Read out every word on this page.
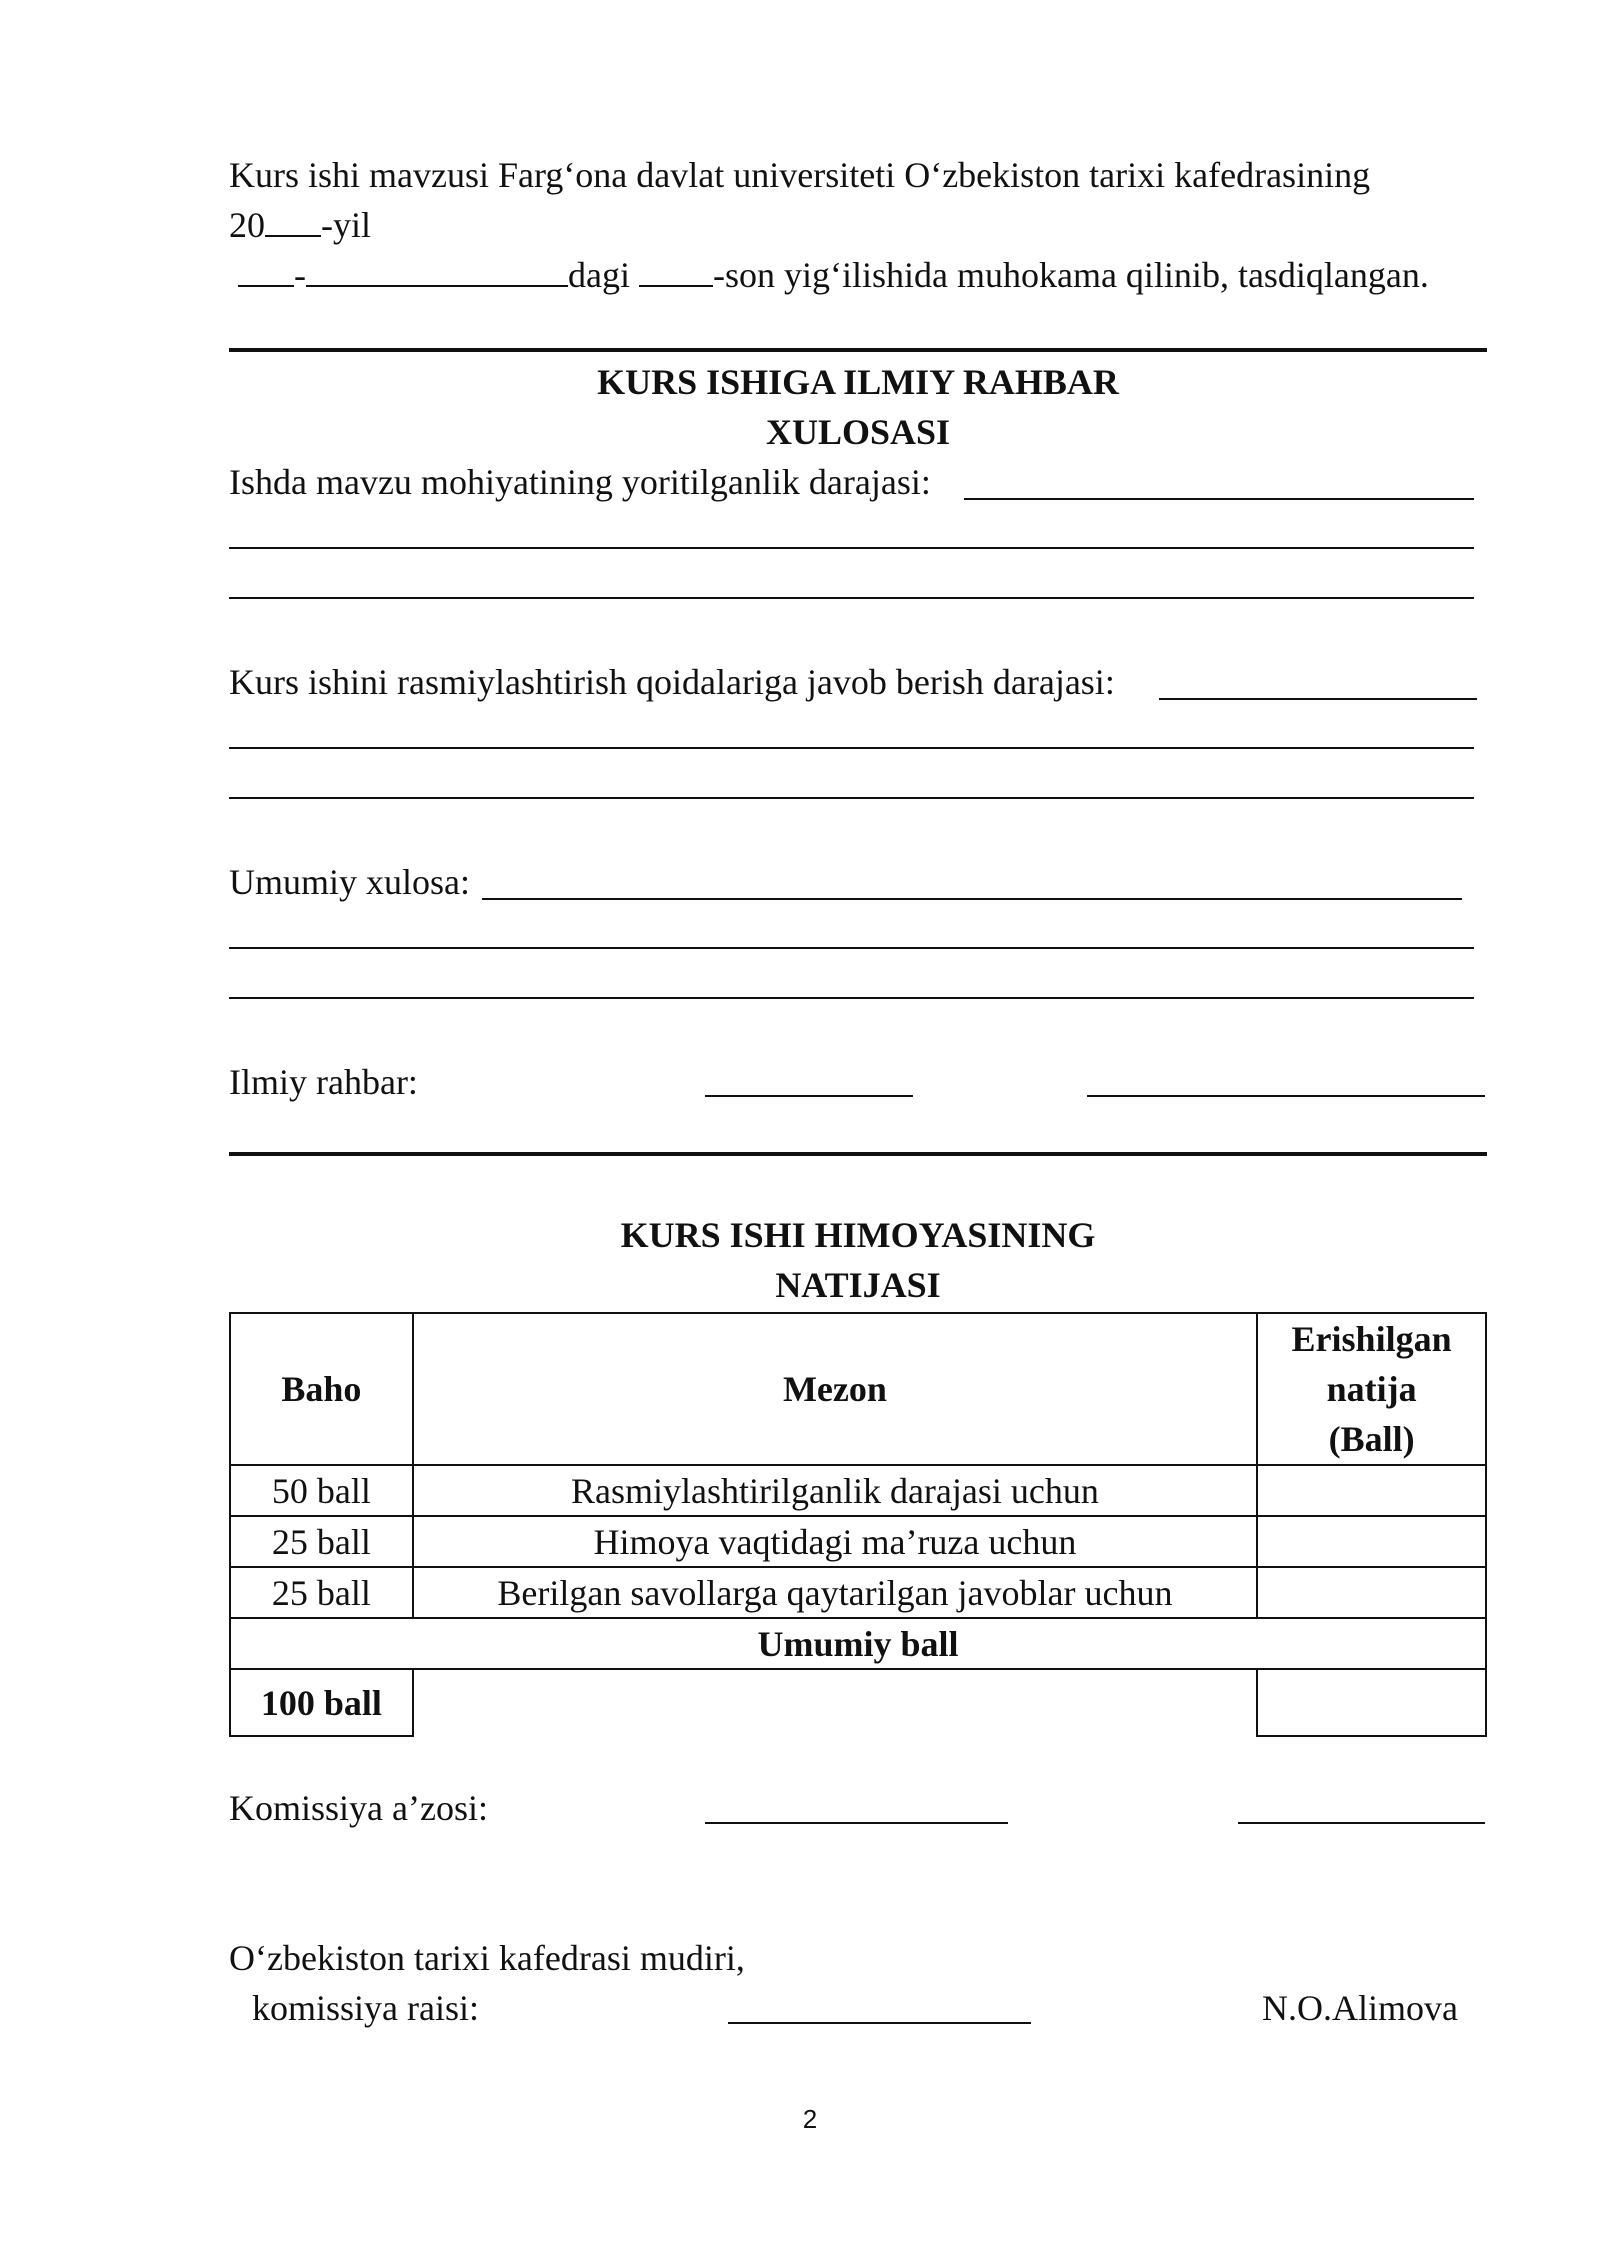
Kurs ishi mavzusi Farg‘ona davlat universiteti O‘zbekiston tarixi kafedrasining
20 -yil
-	dagi -son yig‘ilishida muhokama qilinib, tasdiqlangan.
KURS ISHIGA ILMIY RAHBAR
XULOSASI
Ishda mavzu mohiyatining yoritilganlik darajasi:
Kurs ishini rasmiylashtirish qoidalariga javob berish darajasi:
Umumiy xulosa:
Ilmiy rahbar:
KURS ISHI HIMOYASINING
NATIJASI
Baho	Mezon	Erishilgan
natija
(Ball)

50 ball	Rasmiylashtirilganlik darajasi uchun	
25 ball	Himoya vaqtidagi ma’ruza uchun	
25 ball	Berilgan savollarga qaytarilgan javoblar uchun	
Umumiy ball		
100 ball		
Komissiya a’zosi:
O‘zbekiston tarixi kafedrasi mudiri,
komissiya raisi:	N.O.Alimova
2
